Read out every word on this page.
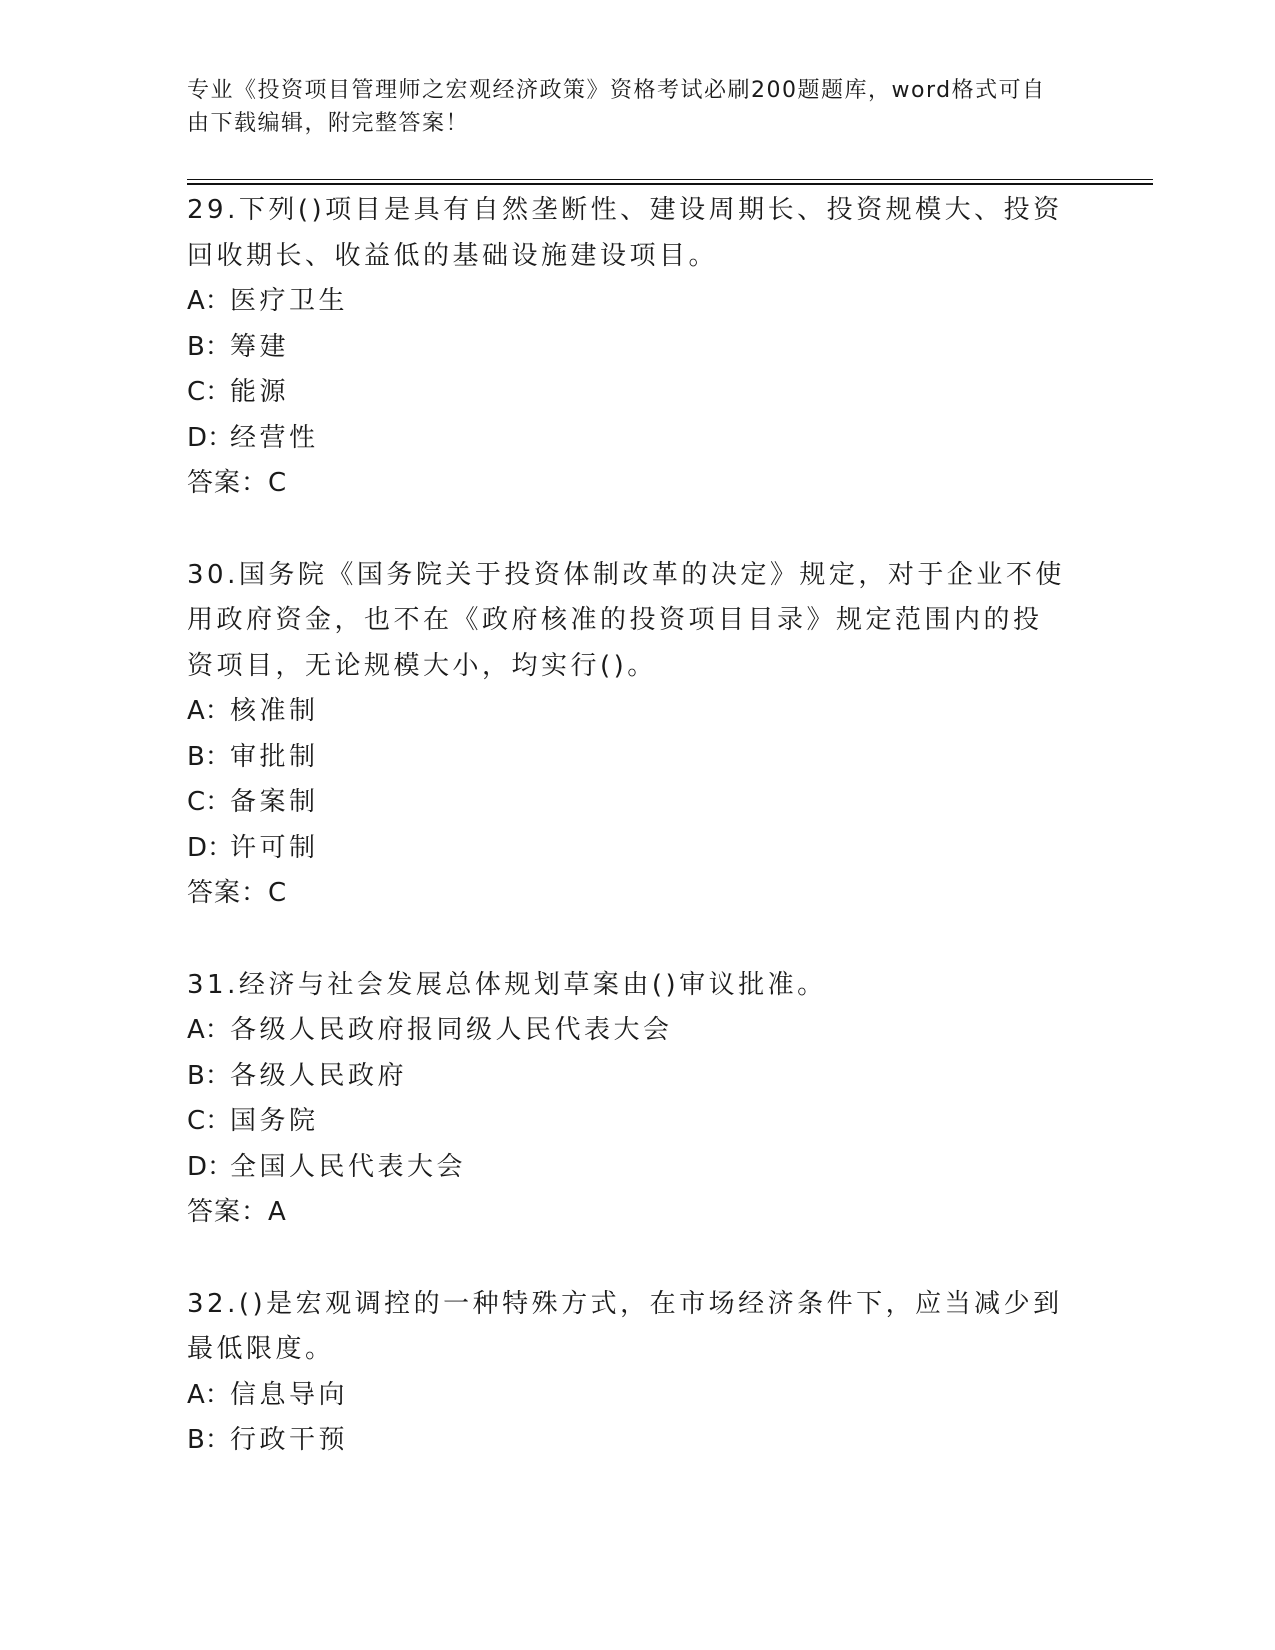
专业《投资项目管理师之宏观经济政策》资格考试必刷200题题库，word格式可自由下载编辑，附完整答案！
29.下列()项目是具有自然垄断性、建设周期长、投资规模大、投资回收期长、收益低的基础设施建设项目。
A：医疗卫生
B：筹建
C：能源
D：经营性
答案：C
30.国务院《国务院关于投资体制改革的决定》规定，对于企业不使用政府资金，也不在《政府核准的投资项目目录》规定范围内的投资项目，无论规模大小，均实行()。
A：核准制
B：审批制
C：备案制
D：许可制
答案：C
31.经济与社会发展总体规划草案由()审议批准。
A：各级人民政府报同级人民代表大会
B：各级人民政府
C：国务院
D：全国人民代表大会
答案：A
32.()是宏观调控的一种特殊方式，在市场经济条件下，应当减少到最低限度。
A：信息导向
B：行政干预
